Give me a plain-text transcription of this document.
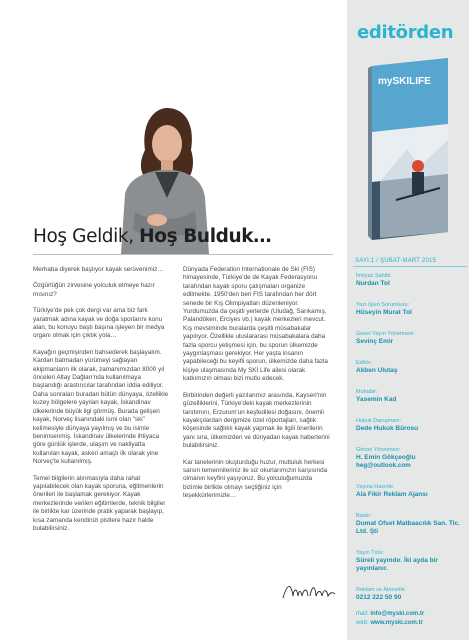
editörden
mySKILIFE
Hoş Geldik, Hoş Bulduk…

Merhaba diyerek başlıyor kayak serüvenimiz…

Özgürlüğün zirvesine yolculuk etmeye hazır mısınız?

Türkiye'de pek çok dergi var ama biz fark yaratmak adına kayak ve doğa sporlarını konu alan, bu konuyu baştı başına işleyen bir medya organı olmak için çıktık yola…

Kayağın geçmişinden bahsederek başlayalım. Kardan batmadan yürümeyi sağlayan ekipmanların ilk olarak, zamanımızdan 8000 yıl önceleri Altay Dağları'nda kullanılmaya başlandığı arastırıcılar tarafından iddia ediliyor. Daha sonraları buradan bütün dünyaya, özellikle kuzey bölgelere yayılan kayak, İskandinav ülkelerinde büyük ilgi görmüş. Burada gelişen kayak, Norveç lisanındaki ismi olan "ski" kelimesiyle dünyaya yayılmış ve bu isimle benimsenmiş. İskandinav ülkelerinde ihtiyaca göre günlük işlerde, ulaşım ve nakliyatta kullanılan kayak, askeri amaçlı ilk olarak yine Norveç'te kullanılmış.

Temel bilgilerin alınmasıyla daha rahat yapılabilecek olan kayak sporuna, eğitmenlerin önerileri ile başlamak gerekiyor. Kayak merkezlerinde verilen eğitimlerde, teknik bilgiler ile birlikte kar üzerinde pratik yaparak başlayıp, kısa zamanda kendinizi pistlere hazır halde bulabilirsiniz.

Dünyada Federation Internationale de Ski (FIS) himayesinde, Türkiye'de de Kayak Federasyonu tarafından kayak sporu çalışmaları organize edilmekte. 1950'den beri FIS tarafından her dört senede bir Kış Olimpiyatları düzenleniyor. Yurdumuzda da çeşitli yerlerde (Uludağ, Sarıkamış, Palandöken, Erciyes vb.) kayak merkezleri mevcut. Kış mevsiminde buralarda çeşitli müsabakalar yapılıyor. Özellikle uluslararası müsabakalara daha fazla sporcu yetişmesi için, bu sporun ülkemizde yaygınlaşması gerekiyor. Her yaşta insanın yapabileceği bu keyifli sporun, ülkemizde daha fazla kişiye ulaşmasında My SKİ Life ailesi olarak katkımızın olması bizi mutlu edecek.

Birbirinden değerli yazılarımız arasında, Kayseri'nin güzelliklerini, Türkiye'deki kayak merkezlerinin tanıtımını, Erzurum'un keşfedilesi doğasını, önemli kayakçılardan dergimize özel röportajları, sağlık köşesinde sağlıklı kayak yapmak ile ilgili önerilerin yanı sıra, ülkemizden ve dünyadan kayak haberlerini bulabilirsiniz.

Kar tanelerinin oluşturduğu huzur, mutluluk herkesi sarsın temennileriniz ile siz okurlarımızın karşısında olmanın keyfini yaşıyoruz. Bu yolculuğumuzda bizimle birlikte olmayı seçtiğiniz için teşekkürlerimizle…

SAYI:1 / ŞUBAT-MART 2015
İmtiyaz Sahibi:
Nurdan Tol
Yazı İşleri Sorumlusu:
Hüseyin Murat Tol
Genel Yayın Yönetmeni:
Sevinç Emir
Editör:
Akben Ulutaş
Muhabir:
Yasemin Kad
Hukuk Danışmanı:
Dede Hukuk Bürosu
Görsel Yönetmen:
H. Emin Gökçeoğlu
heg@outlook.com
Yayına Hazırlık:
Ala Fikir Reklam Ajansı
Baskı:
Dumat Ofset Matbaacılık San. Tic. Ltd. Şti
Yayın Türü:
Süreli yayındır. İki ayda bir yayınlanır.
Reklam ve Abonelik:
0212 222 50 90
mail: info@myski.com.tr
web: www.myski.com.tr
